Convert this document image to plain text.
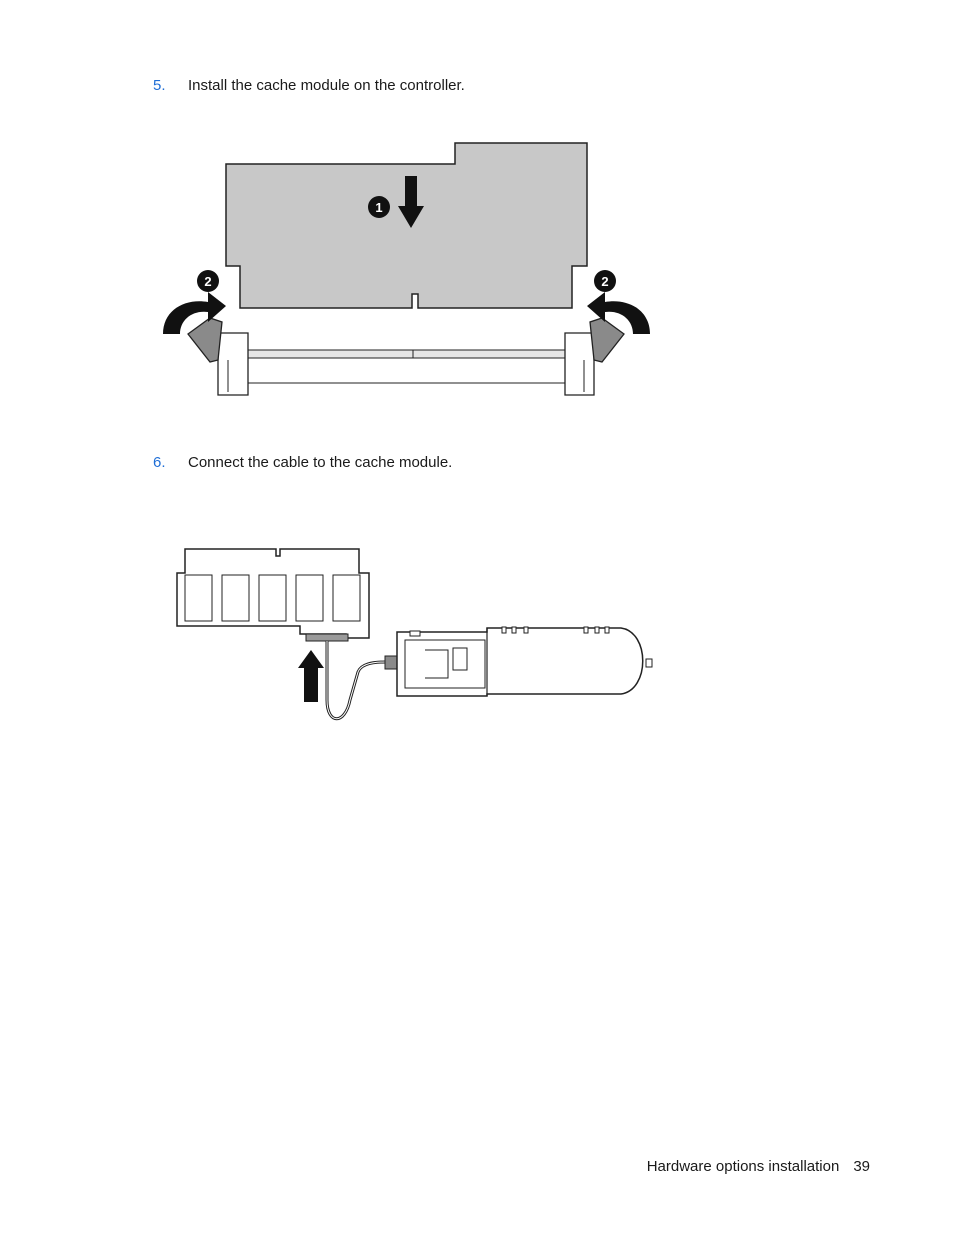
5. Install the cache module on the controller.
1
2	2
6. Connect the cable to the cache module.
Hardware options installation 39
